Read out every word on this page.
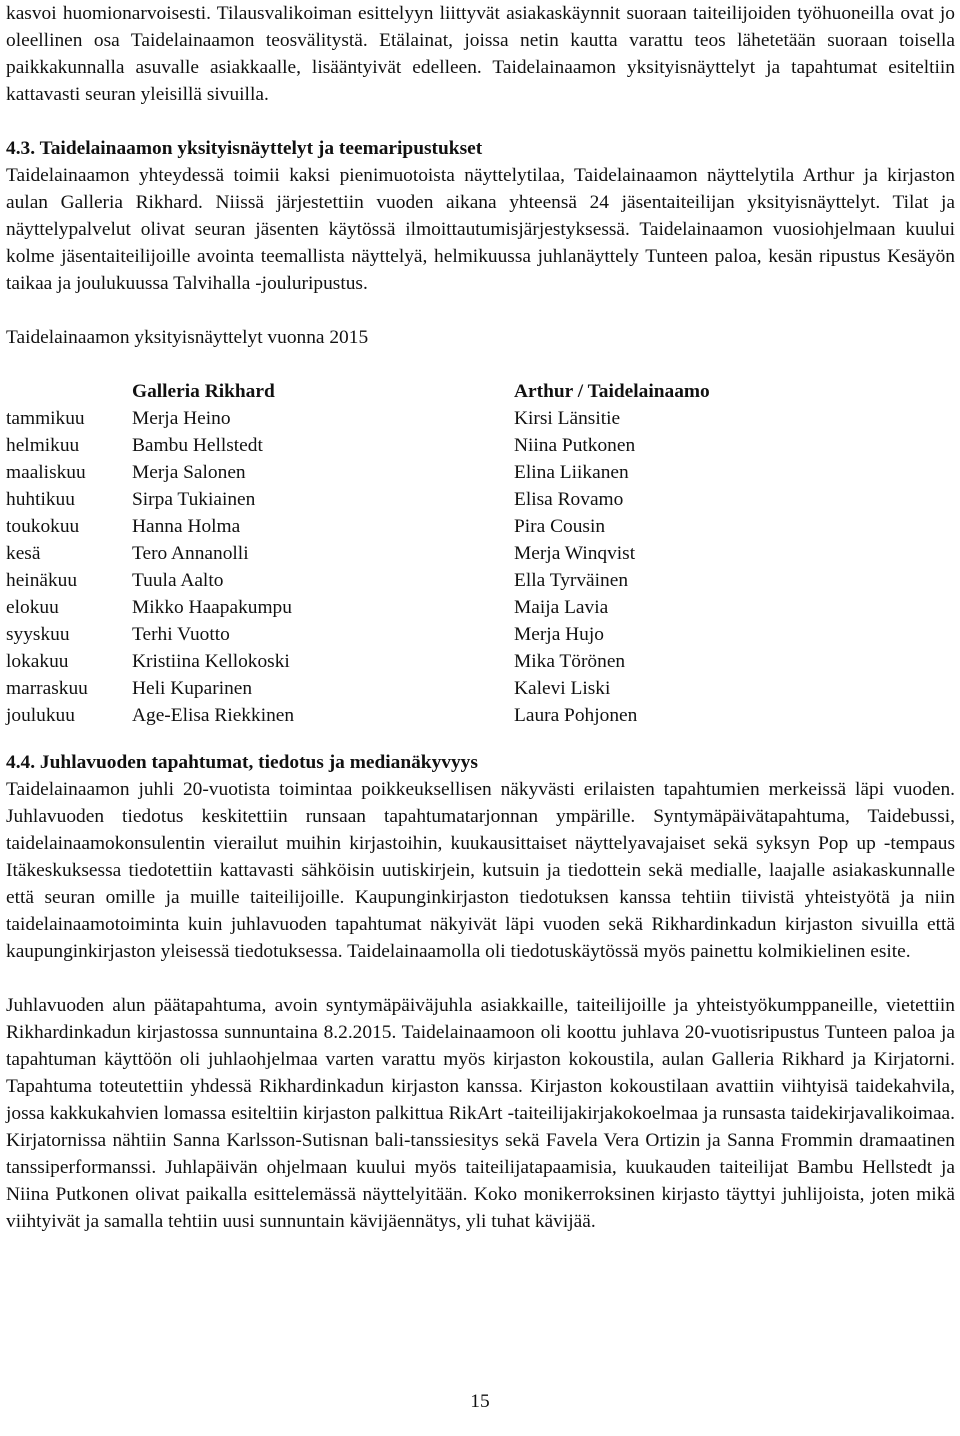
kasvoi huomionarvoisesti. Tilausvalikoiman esittelyyn liittyvät asiakaskäynnit suoraan taiteilijoiden työhuoneilla ovat jo oleellinen osa Taidelainaamon teosvälitystä. Etälainat, joissa netin kautta varattu teos lähetetään suoraan toisella paikkakunnalla asuvalle asiakkaalle, lisääntyivät edelleen. Taidelainaamon yksityisnäyttelyt ja tapahtumat esiteltiin kattavasti seuran yleisillä sivuilla.

4.3. Taidelainaamon yksityisnäyttelyt ja teemaripustukset

Taidelainaamon yhteydessä toimii kaksi pienimuotoista näyttelytilaa, Taidelainaamon näyttelytila Arthur ja kirjaston aulan Galleria Rikhard. Niissä järjestettiin vuoden aikana yhteensä 24 jäsentaiteilijan yksityisnäyttelyt. Tilat ja näyttelypalvelut olivat seuran jäsenten käytössä ilmoittautumisjärjestyksessä. Taidelainaamon vuosiohjelmaan kuului kolme jäsentaiteilijoille avointa teemallista näyttelyä, helmikuussa juhlanäyttely Tunteen paloa, kesän ripustus Kesäyön taikaa ja joulukuussa Talvihalla -jouluripustus.

Taidelainaamon yksityisnäyttelyt vuonna 2015

	Galleria Rikhard	Arthur / Taidelainaamo
tammikuu	Merja Heino	Kirsi Länsitie
helmikuu	Bambu Hellstedt	Niina Putkonen
maaliskuu	Merja Salonen	Elina Liikanen
huhtikuu	Sirpa Tukiainen	Elisa Rovamo
toukokuu	Hanna Holma	Pira Cousin
kesä	Tero Annanolli	Merja Winqvist
heinäkuu	Tuula Aalto	Ella Tyrväinen
elokuu	Mikko Haapakumpu	Maija Lavia
syyskuu	Terhi Vuotto	Merja Hujo
lokakuu	Kristiina Kellokoski	Mika Törönen
marraskuu	Heli Kuparinen	Kalevi Liski
joulukuu	Age-Elisa Riekkinen	Laura Pohjonen

4.4. Juhlavuoden tapahtumat, tiedotus ja medianäkyvyys

Taidelainaamon juhli 20-vuotista toimintaa poikkeuksellisen näkyvästi erilaisten tapahtumien merkeissä läpi vuoden. Juhlavuoden tiedotus keskitettiin runsaan tapahtumatarjonnan ympärille. Syntymäpäivätapahtuma, Taidebussi, taidelainaamokonsulentin vierailut muihin kirjastoihin, kuukausittaiset näyttelyavajaiset sekä syksyn Pop up -tempaus Itäkeskuksessa tiedotettiin kattavasti sähköisin uutiskirjein, kutsuin ja tiedottein sekä medialle, laajalle asiakaskunnalle että seuran omille ja muille taiteilijoille. Kaupunginkirjaston tiedotuksen kanssa tehtiin tiivistä yhteistyötä ja niin taidelainaamotoiminta kuin juhlavuoden tapahtumat näkyivät läpi vuoden sekä Rikhardinkadun kirjaston sivuilla että kaupunginkirjaston yleisessä tiedotuksessa. Taidelainaamolla oli tiedotuskäytössä myös painettu kolmikielinen esite.

Juhlavuoden alun päätapahtuma, avoin syntymäpäiväjuhla asiakkaille, taiteilijoille ja yhteistyökumppaneille, vietettiin Rikhardinkadun kirjastossa sunnuntaina 8.2.2015. Taidelainaamoon oli koottu juhlava 20-vuotisripustus Tunteen paloa ja tapahtuman käyttöön oli juhlaohjelmaa varten varattu myös kirjaston kokoustila, aulan Galleria Rikhard ja Kirjatorni. Tapahtuma toteutettiin yhdessä Rikhardinkadun kirjaston kanssa. Kirjaston kokoustilaan avattiin viihtyisä taidekahvila, jossa kakkukahvien lomassa esiteltiin kirjaston palkittua RikArt -taiteilijakirjakokoelmaa ja runsasta taidekirjavalikoimaa. Kirjatornissa nähtiin Sanna Karlsson-Sutisnan bali-tanssiesitys sekä Favela Vera Ortizin ja Sanna Frommin dramaatinen tanssiperformanssi. Juhlapäivän ohjelmaan kuului myös taiteilijatapaamisia, kuukauden taiteilijat Bambu Hellstedt ja Niina Putkonen olivat paikalla esittelemässä näyttelyitään. Koko monikerroksinen kirjasto täyttyi juhlijoista, joten mikä viihtyivät ja samalla tehtiin uusi sunnuntain kävijäennätys, yli tuhat kävijää.

15
